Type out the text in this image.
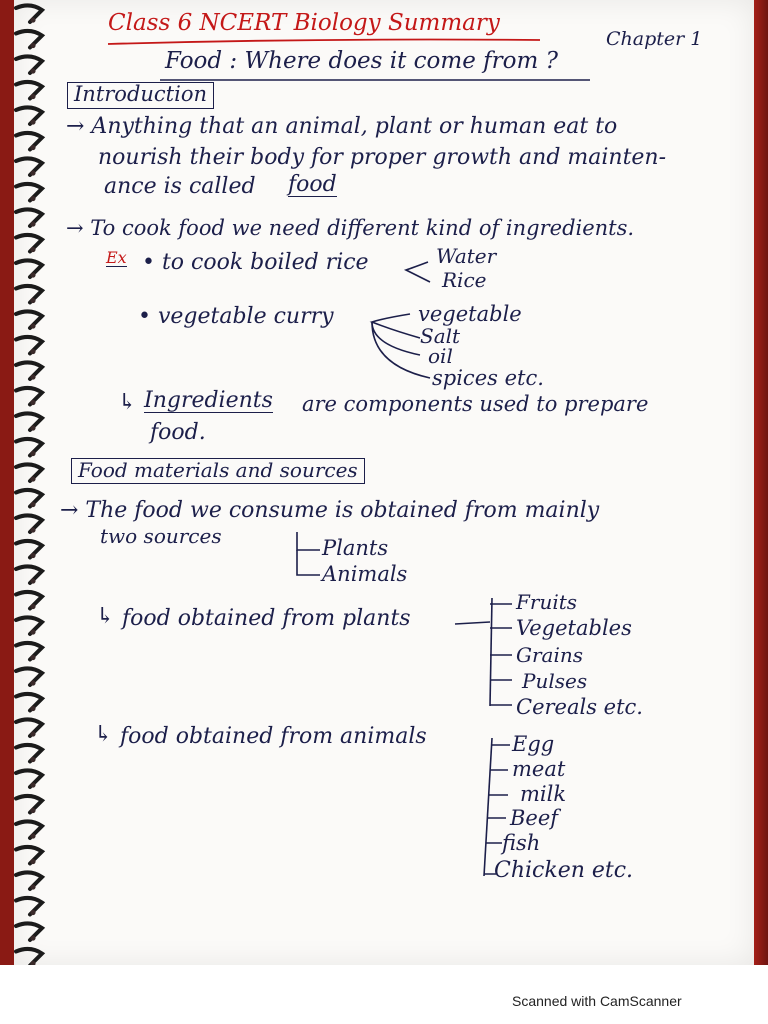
Class 6 NCERT Biology Summary
Chapter 1
Food : Where does it come from ?
Introduction
→ Anything that an animal, plant or human eat to
nourish their body for proper growth and mainten-
ance is called food
→ To cook food we need different kind of ingredients.
Ex • to cook boiled rice	Water
Rice
• vegetable curry	vegetable
Salt
oil
spices etc.
↳ Ingredients are components used to prepare
food.
Food materials and sources
→ The food we consume is obtained from mainly
two sources	Plants
Animals
↳ food obtained from plants
Fruits
Vegetables
Grains
Pulses
Cereals etc.
↳ food obtained from animals	Egg
meat
milk
Beef
fish
Chicken etc.
Scanned with CamScanner
